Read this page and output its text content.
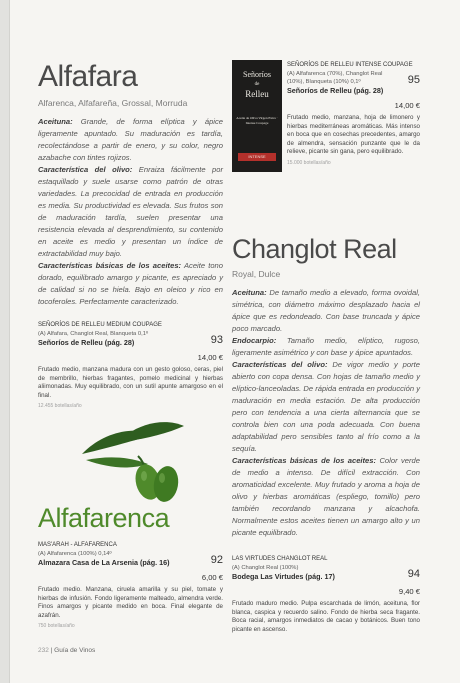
Alfafara
Alfarenca, Alfafareña, Grossal, Morruda

Aceituna: Grande, de forma elíptica y ápice ligeramente apuntado. Su maduración es tardía, recolectándose a partir de enero, y su color, negro azabache con tintes rojizos.
Característica del olivo: Enraiza fácilmente por estaquillado y suele usarse como patrón de otras variedades. La precocidad de entrada en producción es media. Su productividad es elevada. Sus frutos son de maduración tardía, suelen presentar una resistencia elevada al desprendimiento, su contenido en aceite es medio y presentan un índice de extractabilidad muy bajo.
Características básicas de los aceites: Aceite tono dorado, equilibrado amargo y picante, es apreciado y de calidad si no se hiela. Bajo en oleico y rico en tocoferoles. Perfectamente caracterizado.

SEÑORÍOS DE RELLEU MEDIUM COUPAGE
(A) Alfafara, Changlot Real, Blanqueta 0,1º
Señoríos de Relleu (pág. 28)	93
14,00 €
Frutado medio, manzana madura con un gesto goloso, ceras, piel de membrillo, hierbas fragantes, pomelo medicinal y hierbas aliimonadas. Muy equilibrado, con un sutil apunte amargoso en el final.
12.455 botellas/año
Alfafarenca
MAS'ARAH - ALFAFARENCA
(A) Alfafarenca (100%) 0,14º
Almazara Casa de La Arsenia (pág. 16)	92
6,00 €
Frutado medio. Manzana, ciruela amarilla y su piel, tomate y hierbas de infusión. Fondo ligeramente malteado, almendra verde. Finos amargos y picante medido en boca. Final elegante de azafrán.
750 botellas/año
Señoríos
de
Relleu
Aceite de Oliva Virgen Extra · Intense Coupage
INTENSE
SEÑORÍOS DE RELLEU INTENSE COUPAGE
(A) Alfafarenca (70%), Changlot Real (10%), Blanqueta (10%) 0,1º
Señoríos de Relleu (pág. 28)
95
14,00 €
Frutado medio, manzana, hoja de limonero y hierbas mediterráneas aromáticas. Más intenso en boca que en cosechas precedentes, amargo de almendra, sensación punzante que le da relieve, picante sin gana, pero equilibrado.
15.000 botellas/año
Changlot Real
Royal, Dulce

Aceituna: De tamaño medio a elevado, forma ovoidal, simétrica, con diámetro máximo desplazado hacia el ápice que es redondeado. Con base truncada y ápice poco marcado.
Endocarpio: Tamaño medio, elíptico, rugoso, ligeramente asimétrico y con base y ápice apuntados.
Características del olivo: De vigor medio y porte abierto con copa densa. Con hojas de tamaño medio y elíptico-lanceoladas. De rápida entrada en producción y maduración en media estación. De alta producción pero con tendencia a una cierta alternancia que se controla bien con una poda adecuada. Con buena adaptabilidad pero sensibles tanto al frío como a la sequía.
Características básicas de los aceites: Color verde de medio a intenso. De difícil extracción. Con aromaticidad excelente. Muy frutado y aroma a hoja de olivo y hierbas aromáticas (espliego, tomillo) pero también recordando manzana y alcachofa. Normalmente estos aceites tienen un amargo alto y un picante equilibrado.

LAS VIRTUDES CHANGLOT REAL
(A) Changlot Real (100%)
Bodega Las Virtudes (pág. 17)	94
9,40 €
Frutado maduro medio. Pulpa escarchada de limón, aceituna, flor blanca, caspica y recuerdo salino. Fondo de hierba seca fragante. Boca racial, amargos inmediatos de cacao y botánicos. Buen tono picante en ascenso.
232 | Guía de Vinos
